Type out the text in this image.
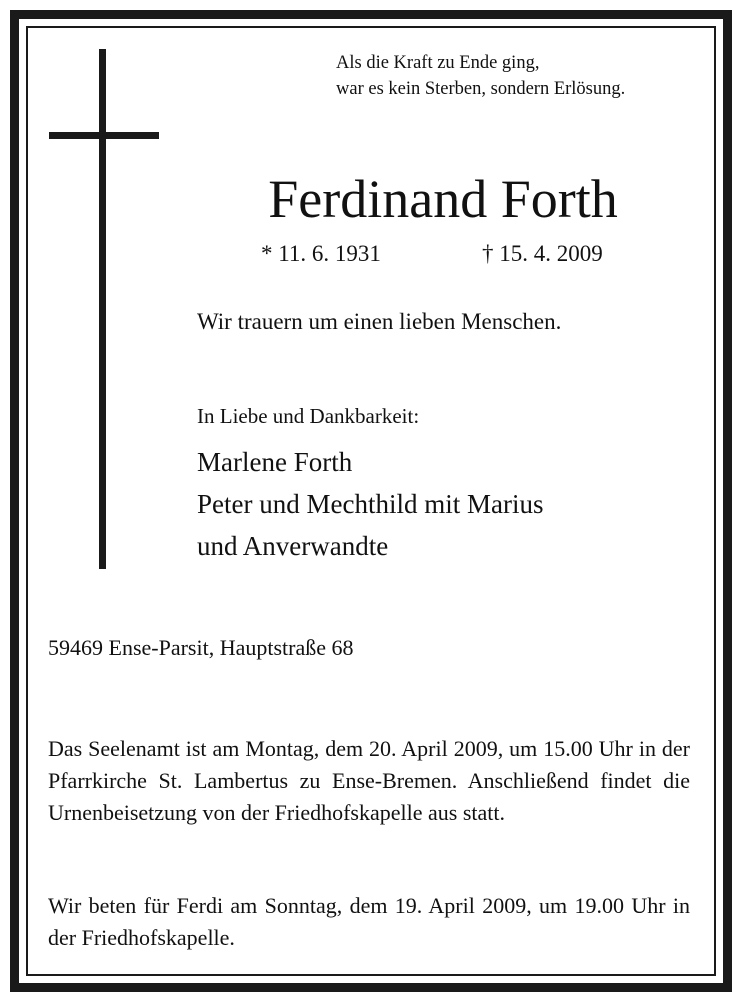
Als die Kraft zu Ende ging,
war es kein Sterben, sondern Erlösung.

Ferdinand Forth
* 11. 6. 1931	† 15. 4. 2009

Wir trauern um einen lieben Menschen.

In Liebe und Dankbarkeit:

Marlene Forth
Peter und Mechthild mit Marius
und Anverwandte

59469 Ense-Parsit, Hauptstraße 68

Das Seelenamt ist am Montag, dem 20. April 2009, um 15.00 Uhr in der Pfarrkirche St. Lambertus zu Ense-Bremen. Anschließend findet die Urnenbeisetzung von der Friedhofskapelle aus statt.

Wir beten für Ferdi am Sonntag, dem 19. April 2009, um 19.00 Uhr in der Friedhofskapelle.
